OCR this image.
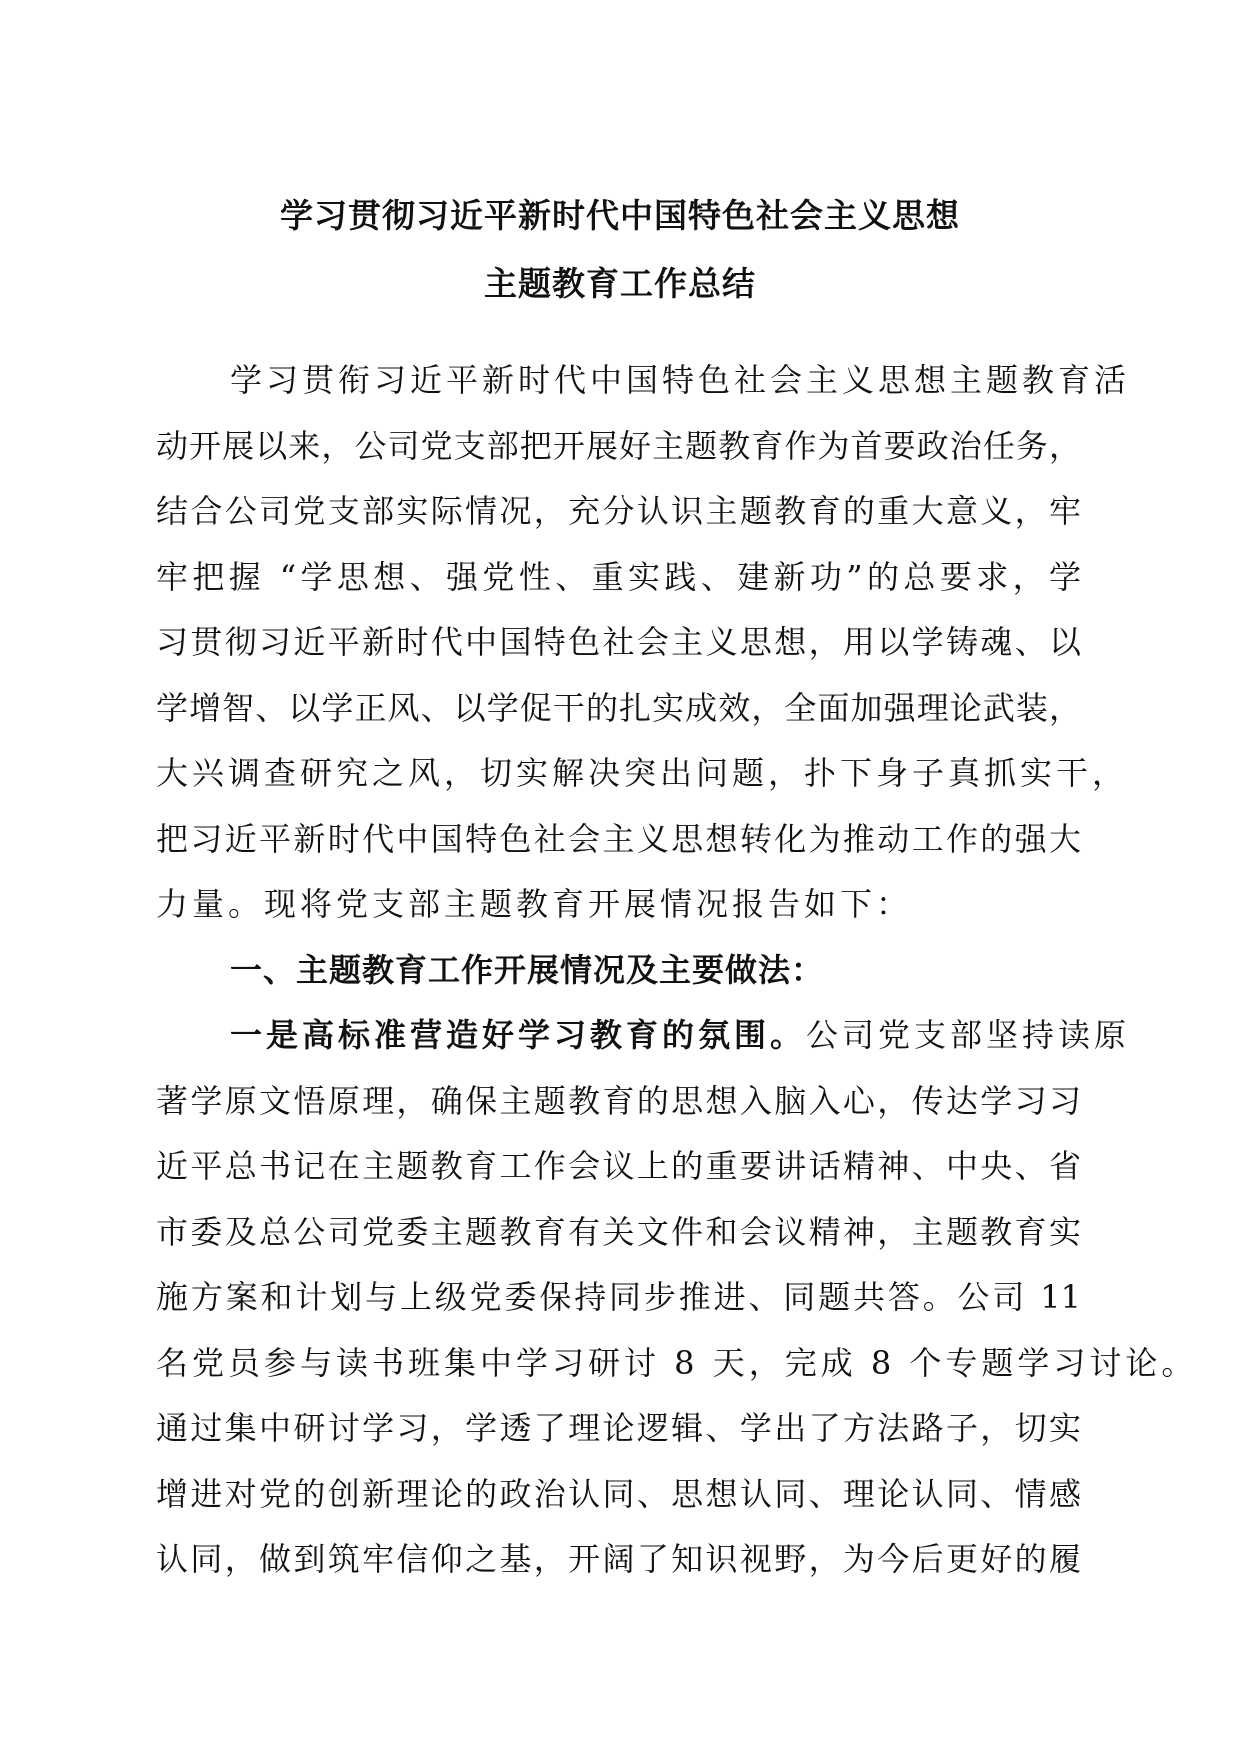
学习贯彻习近平新时代中国特色社会主义思想
主题教育工作总结
学习贯衔习近平新时代中国特色社会主义思想主题教育活
动开展以来，公司党支部把开展好主题教育作为首要政治任务，
结合公司党支部实际情况，充分认识主题教育的重大意义，牢
牢把握 “学思想、强党性、重实践、建新功”的总要求，学
习贯彻习近平新时代中国特色社会主义思想，用以学铸魂、以
学增智、以学正风、以学促干的扎实成效，全面加强理论武装，
大兴调查研究之风，切实解决突出问题，扑下身子真抓实干，
把习近平新时代中国特色社会主义思想转化为推动工作的强大
力量。现将党支部主题教育开展情况报告如下：
一、主题教育工作开展情况及主要做法：
一是高标准营造好学习教育的氛围。公司党支部坚持读原
著学原文悟原理，确保主题教育的思想入脑入心，传达学习习
近平总书记在主题教育工作会议上的重要讲话精神、中央、省
市委及总公司党委主题教育有关文件和会议精神，主题教育实
施方案和计划与上级党委保持同步推进、同题共答。公司 11
名党员参与读书班集中学习研讨 8 天，完成 8 个专题学习讨论。
通过集中研讨学习，学透了理论逻辑、学出了方法路子，切实
增进对党的创新理论的政治认同、思想认同、理论认同、情感
认同，做到筑牢信仰之基，开阔了知识视野，为今后更好的履
